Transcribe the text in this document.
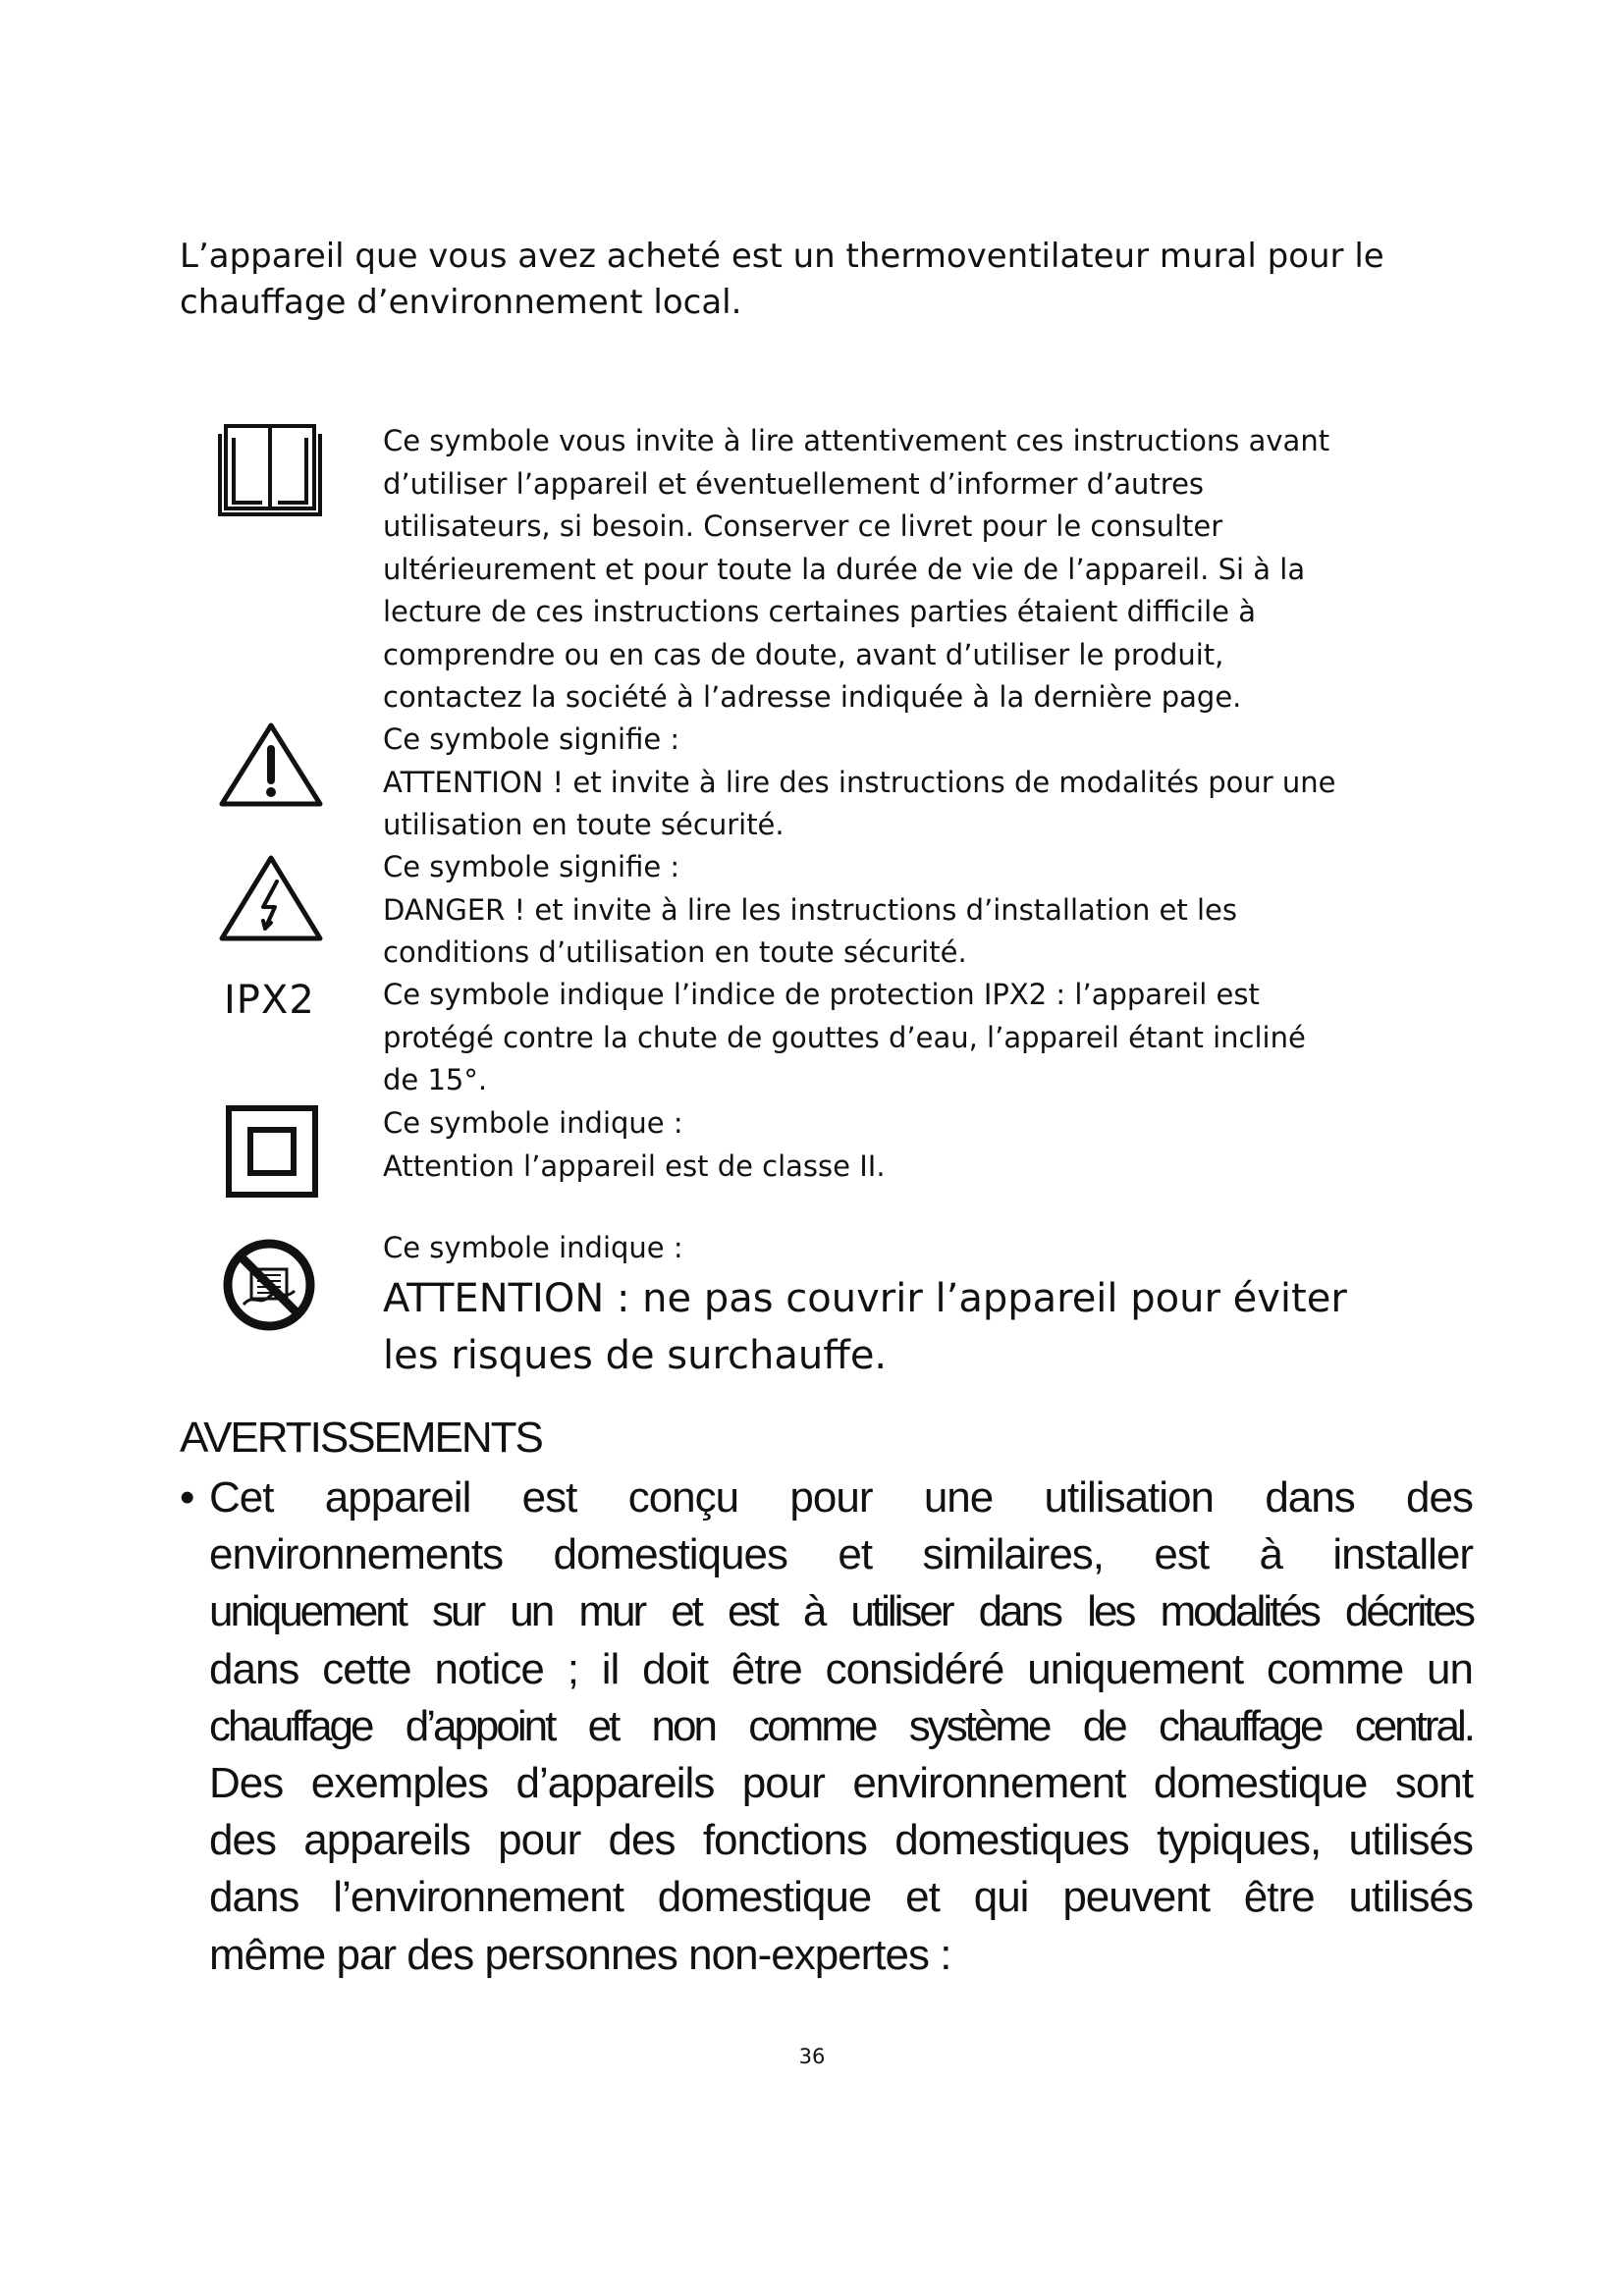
L’appareil que vous avez acheté est un thermoventilateur mural pour le
chauffage d’environnement local.

Ce symbole vous invite à lire attentivement ces instructions avant
d’utiliser l’appareil et éventuellement d’informer d’autres
utilisateurs, si besoin. Conserver ce livret pour le consulter
ultérieurement et pour toute la durée de vie de l’appareil. Si à la
lecture de ces instructions certaines parties étaient difficile à
comprendre ou en cas de doute, avant d’utiliser le produit,
contactez la société à l’adresse indiquée à la dernière page.

Ce symbole signifie :
ATTENTION ! et invite à lire des instructions de modalités pour une
utilisation en toute sécurité.

Ce symbole signifie :
DANGER ! et invite à lire les instructions d’installation et les
conditions d’utilisation en toute sécurité.

IPX2 Ce symbole indique l’indice de protection IPX2 : l’appareil est
protégé contre la chute de gouttes d’eau, l’appareil étant incliné
de 15°.

Ce symbole indique :
Attention l’appareil est de classe II.

Ce symbole indique :
ATTENTION : ne pas couvrir l’appareil pour éviter
les risques de surchauffe.
AVERTISSEMENTS
• Cet appareil est conçu pour une utilisation dans des
environnements domestiques et similaires, est à installer
uniquement sur un mur et est à utiliser dans les modalités décrites
dans cette notice ; il doit être considéré uniquement comme un
chauffage d’appoint et non comme système de chauffage central.
Des exemples d’appareils pour environnement domestique sont
des appareils pour des fonctions domestiques typiques, utilisés
dans l’environnement domestique et qui peuvent être utilisés
même par des personnes non-expertes :

36
